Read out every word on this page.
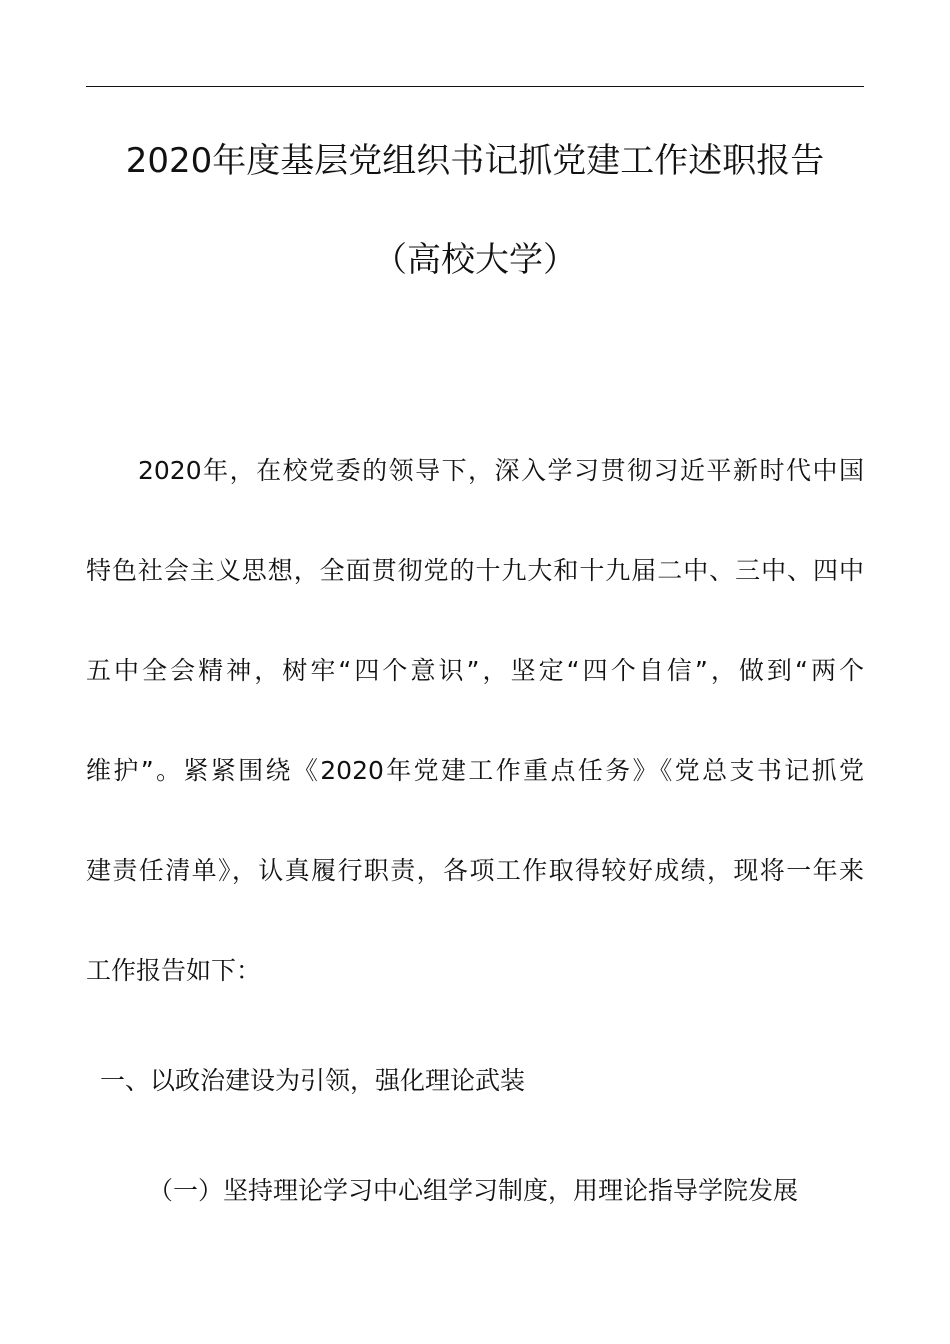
2020年度基层党组织书记抓党建工作述职报告
（高校大学）
2020年，在校党委的领导下，深入学习贯彻习近平新时代中国
特色社会主义思想，全面贯彻党的十九大和十九届二中、三中、四中
五中全会精神，树牢“四个意识”，坚定“四个自信”，做到“两个
维护”。紧紧围绕《2020年党建工作重点任务》《党总支书记抓党
建责任清单》，认真履行职责，各项工作取得较好成绩，现将一年来
工作报告如下：
一、以政治建设为引领，强化理论武装
（一）坚持理论学习中心组学习制度，用理论指导学院发展
